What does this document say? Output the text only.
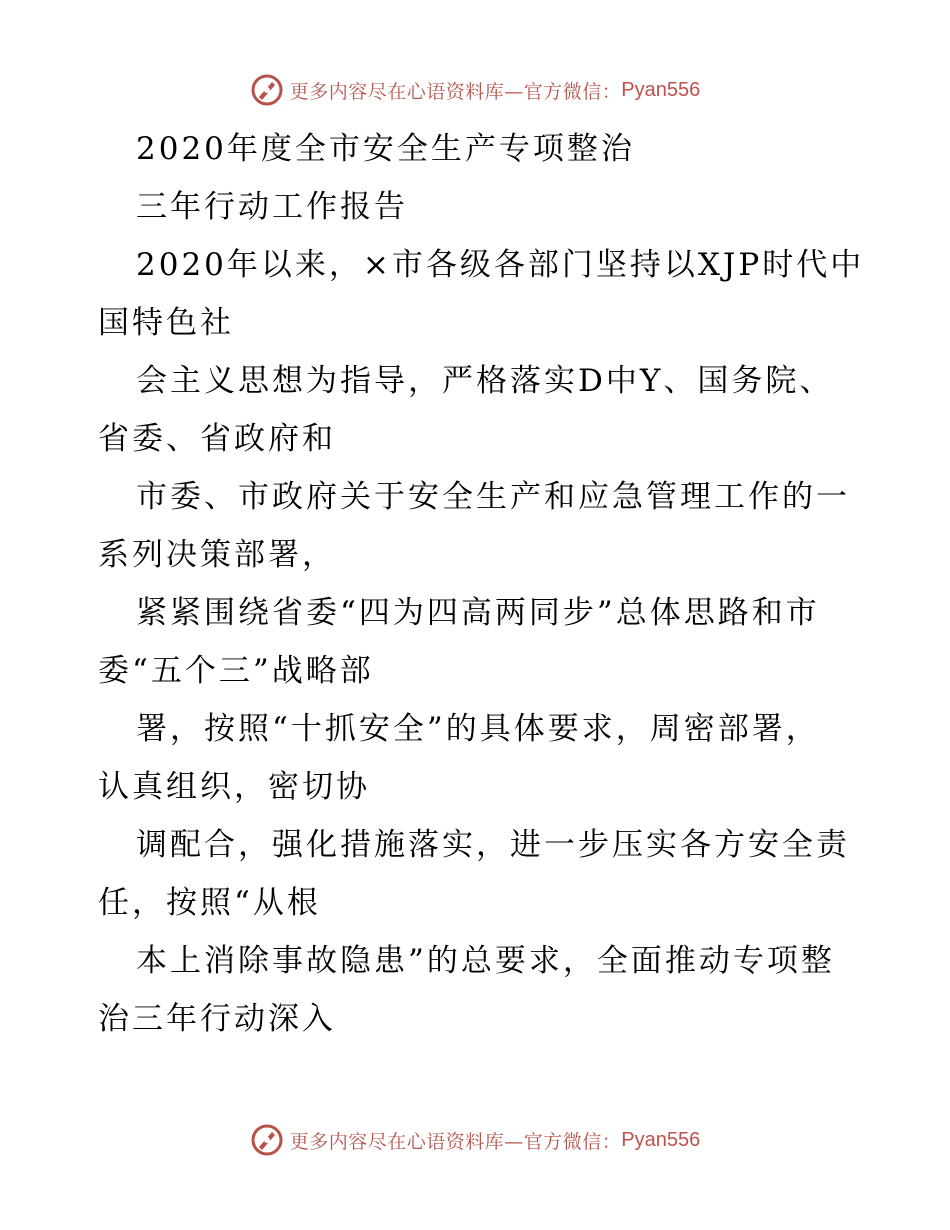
更多内容尽在心语资料库—官方微信： Pyan556
2020年度全市安全生产专项整治
三年行动工作报告
2020年以来，×市各级各部门坚持以XJP时代中
国特色社
会主义思想为指导，严格落实D中Y、国务院、
省委、省政府和
市委、市政府关于安全生产和应急管理工作的一
系列决策部署，
紧紧围绕省委“四为四高两同步”总体思路和市
委“五个三”战略部
署，按照“十抓安全”的具体要求，周密部署，
认真组织，密切协
调配合，强化措施落实，进一步压实各方安全责
任，按照“从根
本上消除事故隐患”的总要求，全面推动专项整
治三年行动深入
更多内容尽在心语资料库—官方微信： Pyan556
